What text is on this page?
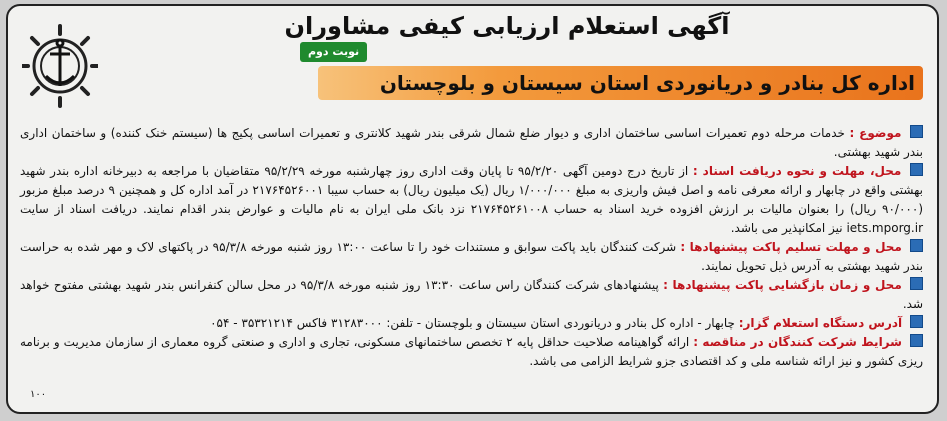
آگهی استعلام ارزیابی کیفی مشاوران
نوبت دوم
اداره کل بنادر و دریانوردی استان سیستان و بلوچستان

موضوع : خدمات مرحله دوم تعمیرات اساسی ساختمان اداری و دیوار ضلع شمال شرقی بندر شهید کلانتری و تعمیرات اساسی پکیج ها (سیستم خنک کننده) و ساختمان اداری بندر شهید بهشتی.

محل، مهلت و نحوه دریافت اسناد : از تاریخ درج دومین آگهی ۹۵/۲/۲۰ تا پایان وقت اداری روز چهارشنبه مورخه ۹۵/۲/۲۹ متقاضیان با مراجعه به دبیرخانه اداره بندر شهید بهشتی واقع در چابهار و ارائه معرفی نامه و اصل فیش واریزی به مبلغ ۱/۰۰۰/۰۰۰ ریال (یک میلیون ریال) به حساب سیبا ۲۱۷۶۴۵۲۶۰۰۱ در آمد اداره کل و همچنین ۹ درصد مبلغ مزبور (۹۰/۰۰۰ ریال) را بعنوان مالیات بر ارزش افزوده خرید اسناد به حساب ۲۱۷۶۴۵۲۶۱۰۰۸ نزد بانک ملی ایران به نام مالیات و عوارض بندر اقدام نمایند. دریافت اسناد از سایت iets.mporg.ir نیز امکانپذیر می باشد.

محل و مهلت تسلیم پاکت پیشنهادها : شرکت کنندگان باید پاکت سوابق و مستندات خود را تا ساعت ۱۳:۰۰ روز شنبه مورخه ۹۵/۳/۸ در پاکتهای لاک و مهر شده به حراست بندر شهید بهشتی به آدرس ذیل تحویل نمایند.

محل و زمان بازگشایی پاکت پیشنهادها : پیشنهادهای شرکت کنندگان راس ساعت ۱۳:۳۰ روز شنبه مورخه ۹۵/۳/۸ در محل سالن کنفرانس بندر شهید بهشتی مفتوح خواهد شد.

آدرس دستگاه استعلام گزار: چابهار - اداره کل بنادر و دریانوردی استان سیستان و بلوچستان - تلفن: ۳۱۲۸۳۰۰۰ فاکس ۳۵۳۲۱۲۱۴ - ۰۵۴

شرایط شرکت کنندگان در مناقصه : ارائه گواهینامه صلاحیت حداقل پایه ۲ تخصص ساختمانهای مسکونی، تجاری و اداری و صنعتی گروه معماری از سازمان مدیریت و برنامه ریزی کشور و نیز ارائه شناسه ملی و کد اقتصادی جزو شرایط الزامی می باشد.

۱۰۰
